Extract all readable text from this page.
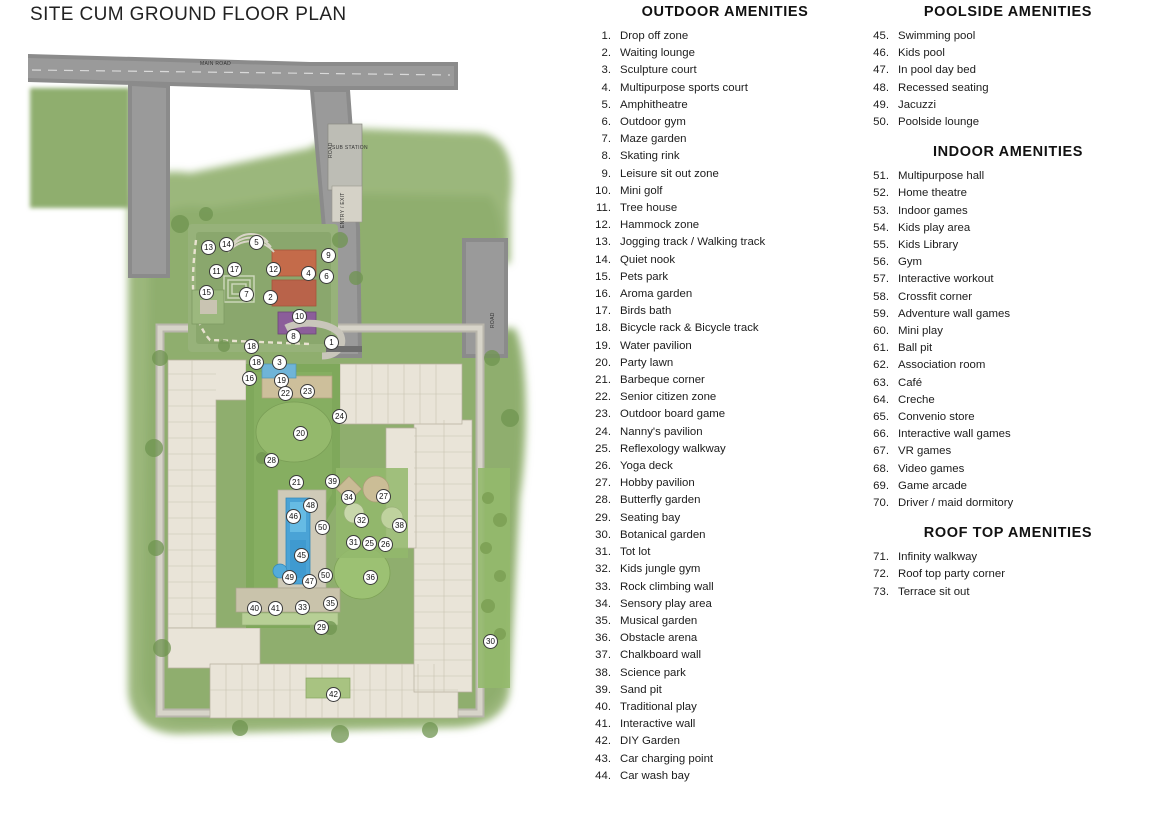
SITE CUM GROUND FLOOR PLAN
MAIN ROAD
ROAD
SUB STATION
ENTRY / EXIT
ROAD
13	14	5
9
11	17	12	4	6
15	7	2
10
8
1
18
18	3
16	19
22	23
24
20
28
21	39
34	27
48
46	32
50	38
31 25 26
45
36
49	47
50
40	41	33	35
29
30
42
OUTDOOR AMENITIES
1. Drop off zone
2. Waiting lounge
3. Sculpture court
4. Multipurpose sports court
5. Amphitheatre
6. Outdoor gym
7. Maze garden
8. Skating rink
9. Leisure sit out zone
10. Mini golf
11. Tree house
12. Hammock zone
13. Jogging track / Walking track
14. Quiet nook
15. Pets park
16. Aroma garden
17. Birds bath
18. Bicycle rack & Bicycle track
19. Water pavilion
20. Party lawn
21. Barbeque corner
22. Senior citizen zone
23. Outdoor board game
24. Nanny's pavilion
25. Reflexology walkway
26. Yoga deck
27. Hobby pavilion
28. Butterfly garden
29. Seating bay
30. Botanical garden
31. Tot lot
32. Kids jungle gym
33. Rock climbing wall
34. Sensory play area
35. Musical garden
36. Obstacle arena
37. Chalkboard wall
38. Science park
39. Sand pit
40. Traditional play
41. Interactive wall
42. DIY Garden
43. Car charging point
44. Car wash bay
POOLSIDE AMENITIES
45. Swimming pool
46. Kids pool
47. In pool day bed
48. Recessed seating
49. Jacuzzi
50. Poolside lounge
INDOOR AMENITIES
51. Multipurpose hall
52. Home theatre
53. Indoor games
54. Kids play area
55. Kids Library
56. Gym
57. Interactive workout
58. Crossfit corner
59. Adventure wall games
60. Mini play
61. Ball pit
62. Association room
63. Café
64. Creche
65. Convenio store
66. Interactive wall games
67. VR games
68. Video games
69. Game arcade
70. Driver / maid dormitory
ROOF TOP AMENITIES
71. Infinity walkway
72. Roof top party corner
73. Terrace sit out
